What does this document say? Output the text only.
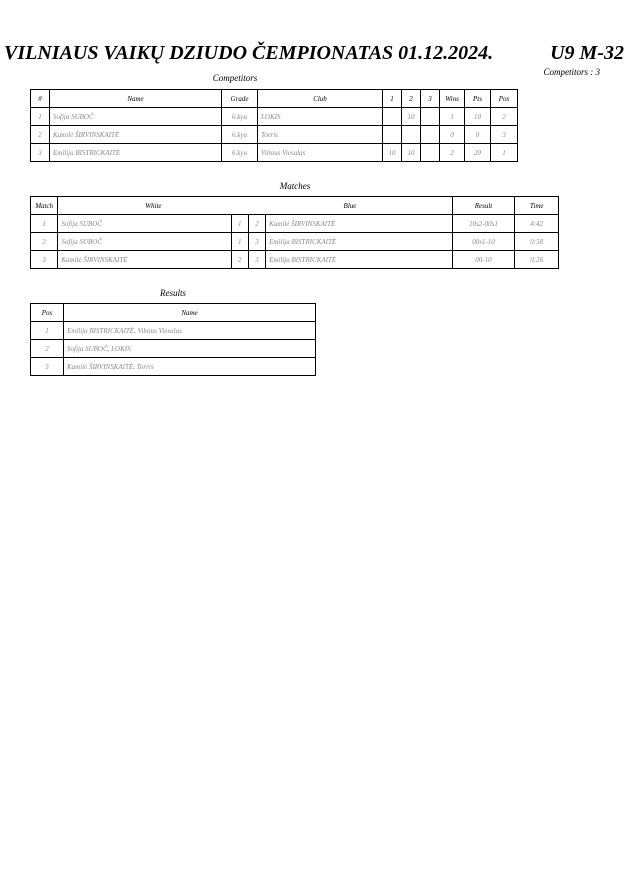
VILNIAUS VAIKŲ DZIUDO ČEMPIONATAS 01.12.2024.	U9 M-32
Competitors : 3
Competitors
#	Name	Grade	Club	1	2	3	Wins	Pts	Pos
1	Sofija SUBOČ	6.kyu	LOKIS		10		1	10	2
2	Kamilė ŠIRVINSKAITĖ	6.kyu	Torris				0	0	3
3	Emilija BISTRICKAITĖ	6.kyu	Vilnius Viesulas	10	10		2	20	1
Matches
Match	White		Blue		Result	Time
1	Sofija SUBOČ	1	2	Kamilė ŠIRVINSKAITĖ	10s2-00s1	4:42
2	Sofija SUBOČ	1	3	Emilija BISTRICKAITĖ	00s1-10	0:58
3	Kamilė ŠIRVINSKAITĖ	2	3	Emilija BISTRICKAITĖ	00-10	0:26
Results
Pos	Name
1	Emilija BISTRICKAITĖ, Vilnius Viesulas
2	Sofija SUBOČ, LOKIS
3	Kamilė ŠIRVINSKAITĖ, Torris
